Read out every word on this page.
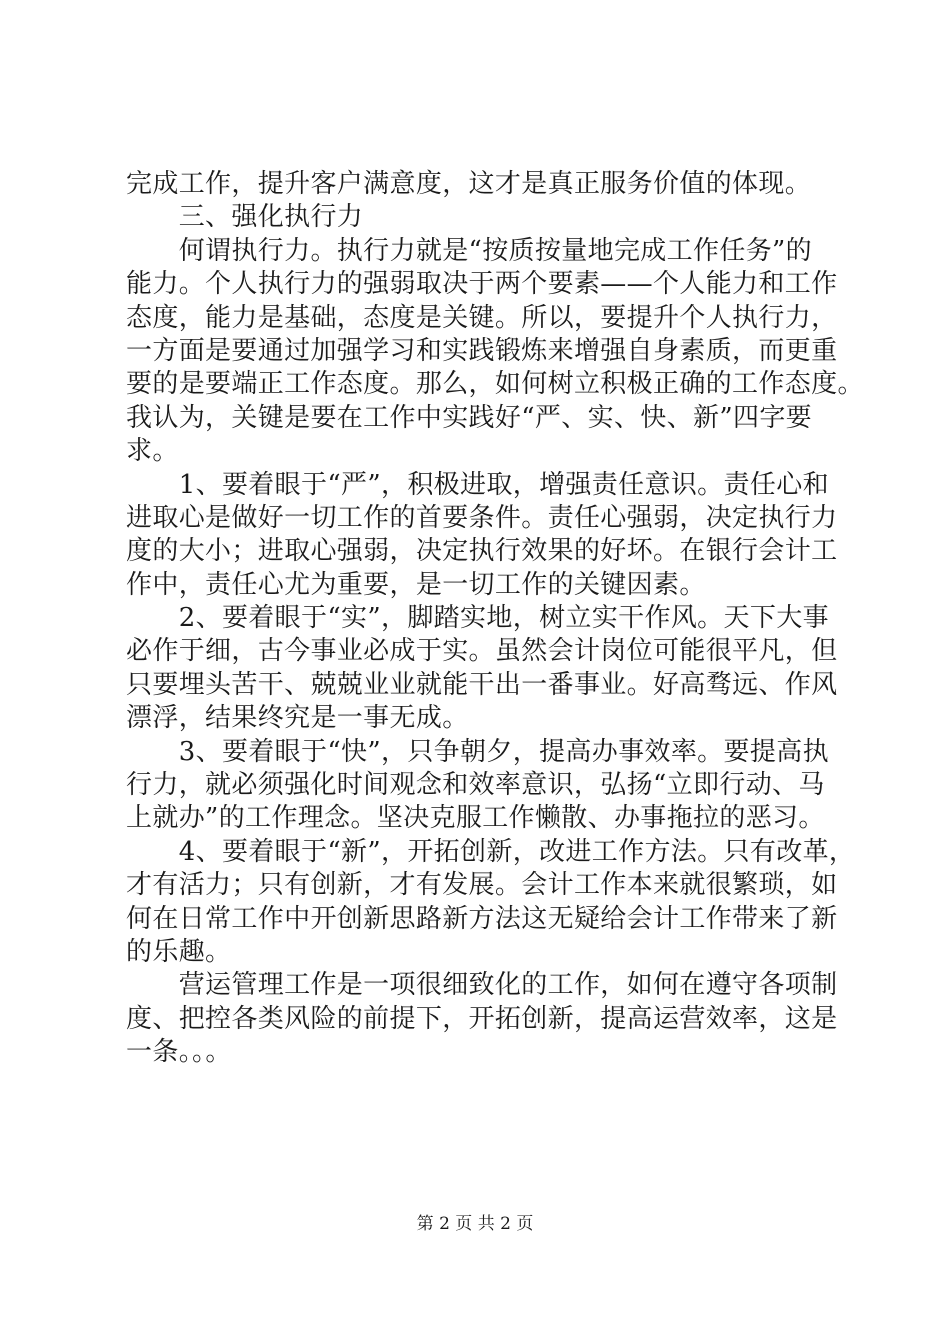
完成工作，提升客户满意度，这才是真正服务价值的体现。
　　三、强化执行力
　　何谓执行力。执行力就是“按质按量地完成工作任务”的
能力。个人执行力的强弱取决于两个要素——个人能力和工作
态度，能力是基础，态度是关键。所以，要提升个人执行力，
一方面是要通过加强学习和实践锻炼来增强自身素质，而更重
要的是要端正工作态度。那么，如何树立积极正确的工作态度。
我认为，关键是要在工作中实践好“严、实、快、新”四字要
求。
　　1、要着眼于“严”，积极进取，增强责任意识。责任心和
进取心是做好一切工作的首要条件。责任心强弱，决定执行力
度的大小；进取心强弱，决定执行效果的好坏。在银行会计工
作中，责任心尤为重要，是一切工作的关键因素。
　　2、要着眼于“实”，脚踏实地，树立实干作风。天下大事
必作于细，古今事业必成于实。虽然会计岗位可能很平凡，但
只要埋头苦干、兢兢业业就能干出一番事业。好高骛远、作风
漂浮，结果终究是一事无成。
　　3、要着眼于“快”，只争朝夕，提高办事效率。要提高执
行力，就必须强化时间观念和效率意识，弘扬“立即行动、马
上就办”的工作理念。坚决克服工作懒散、办事拖拉的恶习。
　　4、要着眼于“新”，开拓创新，改进工作方法。只有改革，
才有活力；只有创新，才有发展。会计工作本来就很繁琐，如
何在日常工作中开创新思路新方法这无疑给会计工作带来了新
的乐趣。
　　营运管理工作是一项很细致化的工作，如何在遵守各项制
度、把控各类风险的前提下，开拓创新，提高运营效率，这是
一条。。。
第 2 页 共 2 页
